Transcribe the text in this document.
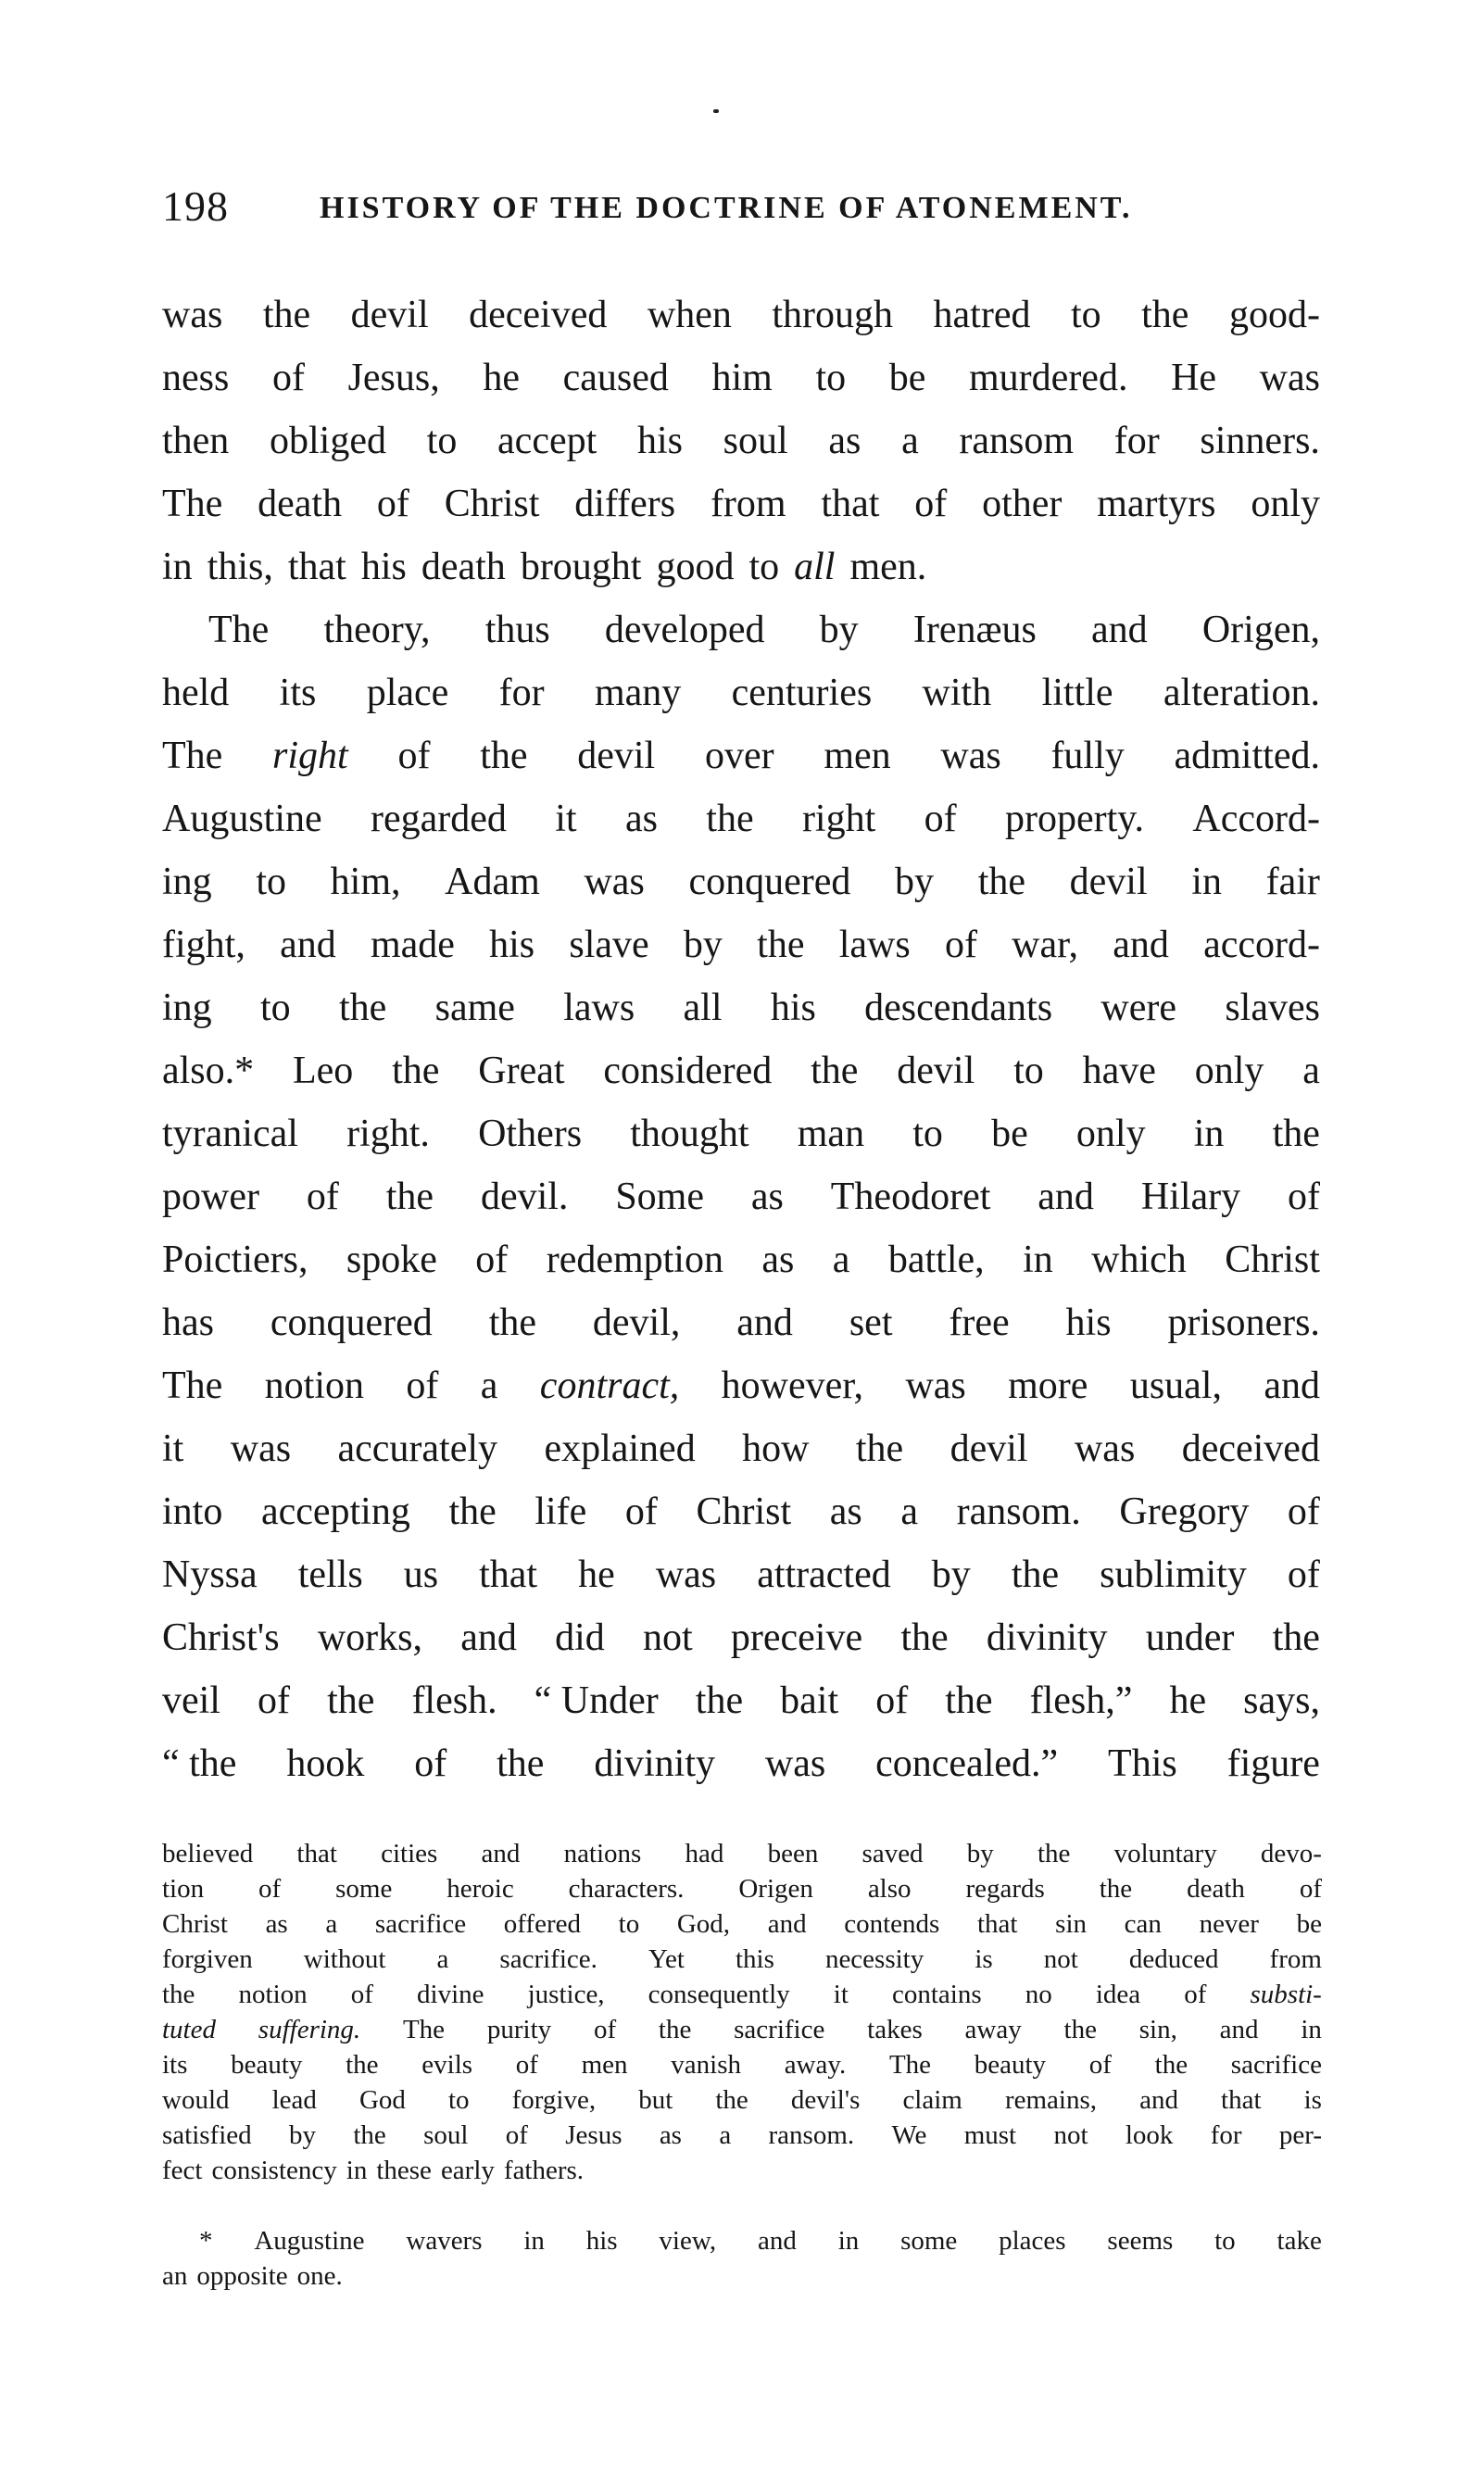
198	HISTORY OF THE DOCTRINE OF ATONEMENT.
was the devil deceived when through hatred to the good-
ness of Jesus, he caused him to be murdered. He was
then obliged to accept his soul as a ransom for sinners.
The death of Christ differs from that of other martyrs only
in this, that his death brought good to all men.
The theory, thus developed by Irenæus and Origen,
held its place for many centuries with little alteration.
The right of the devil over men was fully admitted.
Augustine regarded it as the right of property. Accord-
ing to him, Adam was conquered by the devil in fair
fight, and made his slave by the laws of war, and accord-
ing to the same laws all his descendants were slaves
also.* Leo the Great considered the devil to have only a
tyranical right. Others thought man to be only in the
power of the devil. Some as Theodoret and Hilary of
Poictiers, spoke of redemption as a battle, in which Christ
has conquered the devil, and set free his prisoners.
The notion of a contract, however, was more usual, and
it was accurately explained how the devil was deceived
into accepting the life of Christ as a ransom. Gregory of
Nyssa tells us that he was attracted by the sublimity of
Christ's works, and did not preceive the divinity under the
veil of the flesh. “ Under the bait of the flesh,” he says,
“ the hook of the divinity was concealed.” This figure
believed that cities and nations had been saved by the voluntary devo-
tion of some heroic characters. Origen also regards the death of
Christ as a sacrifice offered to God, and contends that sin can never be
forgiven without a sacrifice. Yet this necessity is not deduced from
the notion of divine justice, consequently it contains no idea of substi-
tuted suffering. The purity of the sacrifice takes away the sin, and in
its beauty the evils of men vanish away. The beauty of the sacrifice
would lead God to forgive, but the devil's claim remains, and that is
satisfied by the soul of Jesus as a ransom. We must not look for per-
fect consistency in these early fathers.
* Augustine wavers in his view, and in some places seems to take
an opposite one.
